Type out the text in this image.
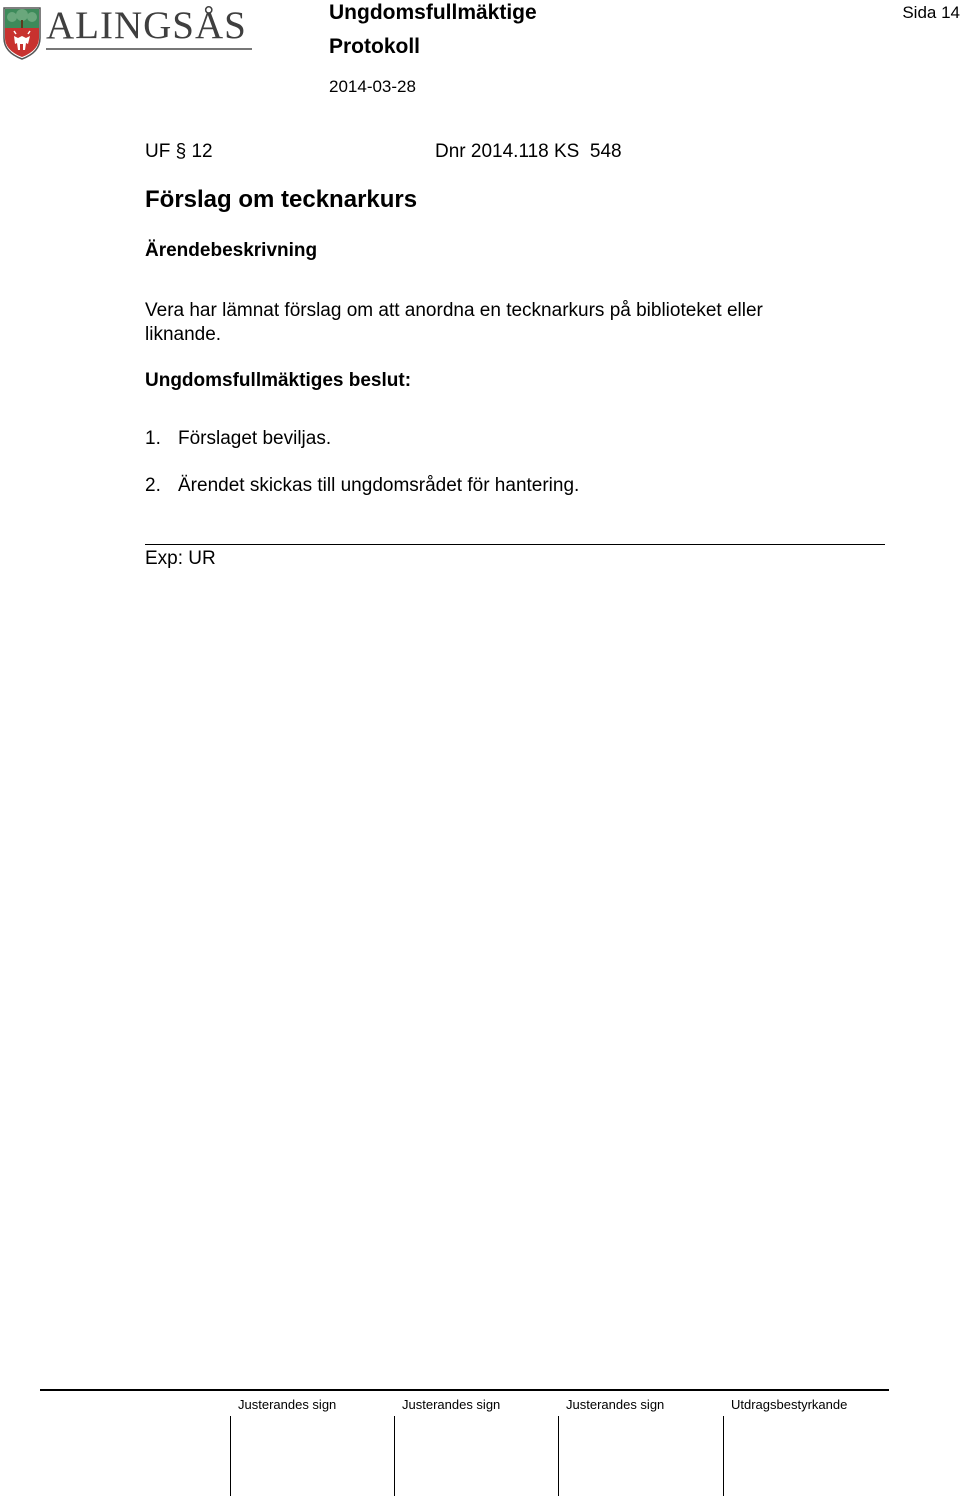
ALINGSÅS	Ungdomsfullmäktige
Protokoll
2014-03-28
Sida 14
UF § 12	Dnr 2014.118 KS  548
Förslag om tecknarkurs
Ärendebeskrivning
Vera har lämnat förslag om att anordna en tecknarkurs på biblioteket eller liknande.
Ungdomsfullmäktiges beslut:
1. Förslaget beviljas.
2. Ärendet skickas till ungdomsrådet för hantering.
Exp: UR
Justerandes sign	Justerandes sign	Justerandes sign	Utdragsbestyrkande
